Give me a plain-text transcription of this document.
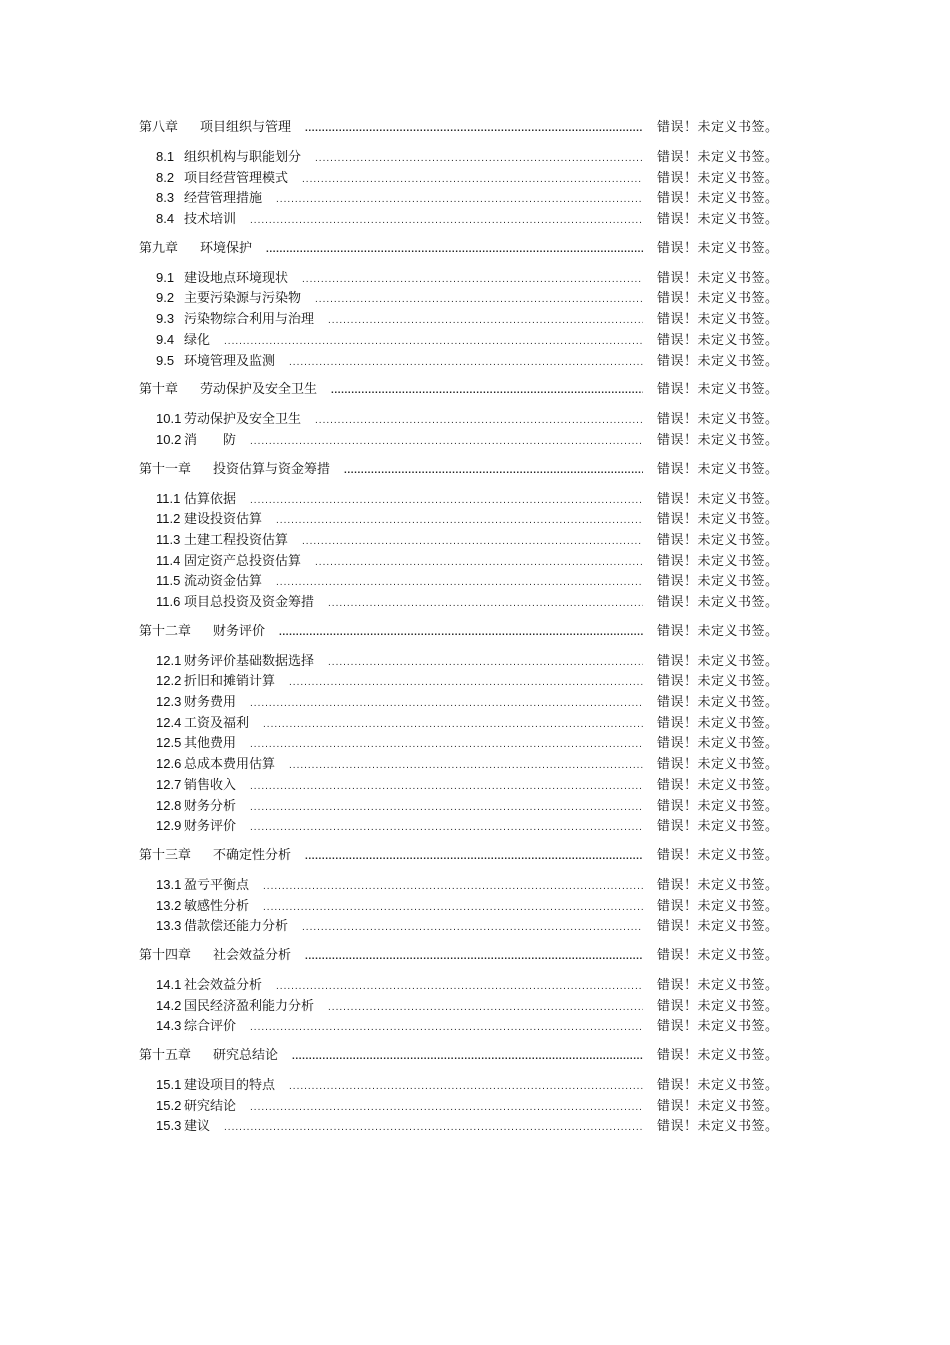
第八章 项目组织与管理 .....	错误！未定义书签。
8.1 组织机构与职能划分 .....	错误！未定义书签。
8.2 项目经营管理模式 .....	错误！未定义书签。
8.3 经营管理措施 .....	错误！未定义书签。
8.4 技术培训 .....	错误！未定义书签。
第九章 环境保护 .....	错误！未定义书签。
9.1 建设地点环境现状 .....	错误！未定义书签。
9.2 主要污染源与污染物 .....	错误！未定义书签。
9.3 污染物综合利用与治理 .....	错误！未定义书签。
9.4 绿化 .....	错误！未定义书签。
9.5 环境管理及监测 .....	错误！未定义书签。
第十章 劳动保护及安全卫生 .....	错误！未定义书签。
10.1 劳动保护及安全卫生 .....	错误！未定义书签。
10.2 消　　防 .....	错误！未定义书签。
第十一章 投资估算与资金筹措 .....	错误！未定义书签。
11.1 估算依据 .....	错误！未定义书签。
11.2 建设投资估算 .....	错误！未定义书签。
11.3 土建工程投资估算 .....	错误！未定义书签。
11.4 固定资产总投资估算 .....	错误！未定义书签。
11.5 流动资金估算 .....	错误！未定义书签。
11.6 项目总投资及资金筹措 .....	错误！未定义书签。
第十二章 财务评价 .....	错误！未定义书签。
12.1 财务评价基础数据选择 .....	错误！未定义书签。
12.2 折旧和摊销计算 .....	错误！未定义书签。
12.3 财务费用 .....	错误！未定义书签。
12.4 工资及福利 .....	错误！未定义书签。
12.5 其他费用 .....	错误！未定义书签。
12.6 总成本费用估算 .....	错误！未定义书签。
12.7 销售收入 .....	错误！未定义书签。
12.8 财务分析 .....	错误！未定义书签。
12.9 财务评价 .....	错误！未定义书签。
第十三章 不确定性分析 .....	错误！未定义书签。
13.1 盈亏平衡点 .....	错误！未定义书签。
13.2 敏感性分析 .....	错误！未定义书签。
13.3 借款偿还能力分析 .....	错误！未定义书签。
第十四章 社会效益分析 .....	错误！未定义书签。
14.1 社会效益分析 .....	错误！未定义书签。
14.2 国民经济盈利能力分析 .....	错误！未定义书签。
14.3 综合评价 .....	错误！未定义书签。
第十五章 研究总结论 .....	错误！未定义书签。
15.1 建设项目的特点 .....	错误！未定义书签。
15.2 研究结论 .....	错误！未定义书签。
15.3 建议 .....	错误！未定义书签。
